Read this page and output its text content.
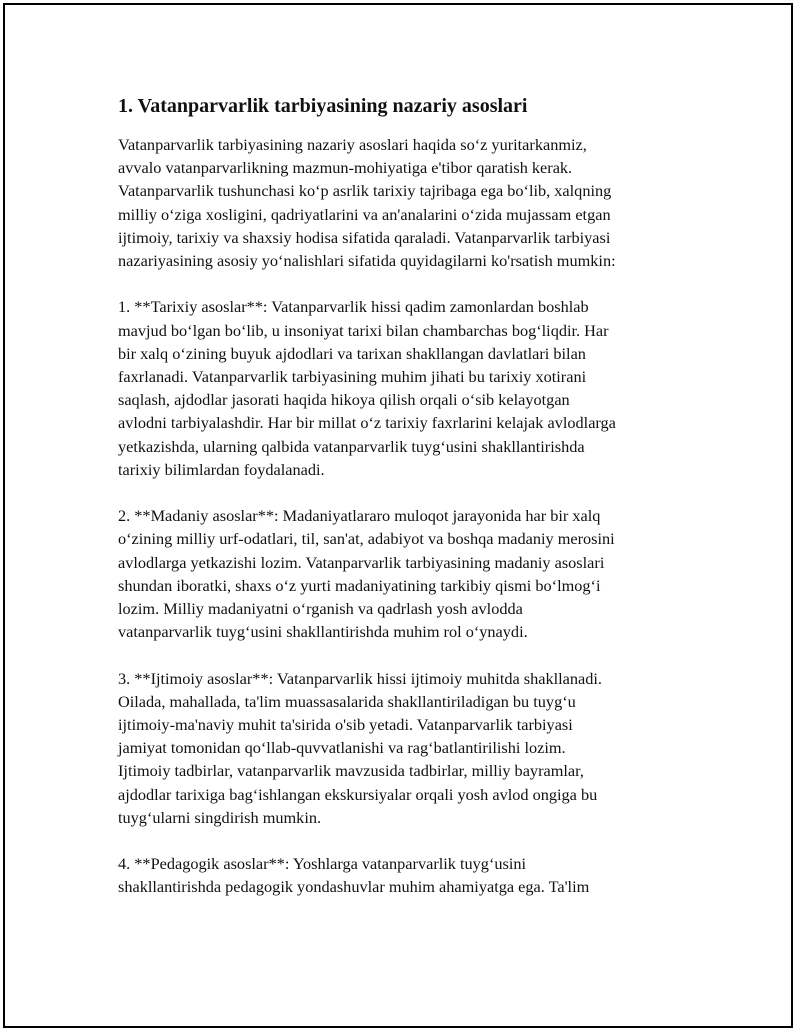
1. Vatanparvarlik tarbiyasining nazariy asoslari

Vatanparvarlik tarbiyasining nazariy asoslari haqida so‘z yuritarkanmiz,
avvalo vatanparvarlikning mazmun-mohiyatiga e'tibor qaratish kerak.
Vatanparvarlik tushunchasi ko‘p asrlik tarixiy tajribaga ega bo‘lib, xalqning
milliy o‘ziga xosligini, qadriyatlarini va an'analarini o‘zida mujassam etgan
ijtimoiy, tarixiy va shaxsiy hodisa sifatida qaraladi. Vatanparvarlik tarbiyasi
nazariyasining asosiy yo‘nalishlari sifatida quyidagilarni ko'rsatish mumkin:

1. **Tarixiy asoslar**: Vatanparvarlik hissi qadim zamonlardan boshlab
mavjud bo‘lgan bo‘lib, u insoniyat tarixi bilan chambarchas bog‘liqdir. Har
bir xalq o‘zining buyuk ajdodlari va tarixan shakllangan davlatlari bilan
faxrlanadi. Vatanparvarlik tarbiyasining muhim jihati bu tarixiy xotirani
saqlash, ajdodlar jasorati haqida hikoya qilish orqali o‘sib kelayotgan
avlodni tarbiyalashdir. Har bir millat o‘z tarixiy faxrlarini kelajak avlodlarga
yetkazishda, ularning qalbida vatanparvarlik tuyg‘usini shakllantirishda
tarixiy bilimlardan foydalanadi.

2. **Madaniy asoslar**: Madaniyatlararo muloqot jarayonida har bir xalq
o‘zining milliy urf-odatlari, til, san'at, adabiyot va boshqa madaniy merosini
avlodlarga yetkazishi lozim. Vatanparvarlik tarbiyasining madaniy asoslari
shundan iboratki, shaxs o‘z yurti madaniyatining tarkibiy qismi bo‘lmog‘i
lozim. Milliy madaniyatni o‘rganish va qadrlash yosh avlodda
vatanparvarlik tuyg‘usini shakllantirishda muhim rol o‘ynaydi.

3. **Ijtimoiy asoslar**: Vatanparvarlik hissi ijtimoiy muhitda shakllanadi.
Oilada, mahallada, ta'lim muassasalarida shakllantiriladigan bu tuyg‘u
ijtimoiy-ma'naviy muhit ta'sirida o'sib yetadi. Vatanparvarlik tarbiyasi
jamiyat tomonidan qo‘llab-quvvatlanishi va rag‘batlantirilishi lozim.
Ijtimoiy tadbirlar, vatanparvarlik mavzusida tadbirlar, milliy bayramlar,
ajdodlar tarixiga bag‘ishlangan ekskursiyalar orqali yosh avlod ongiga bu
tuyg‘ularni singdirish mumkin.

4. **Pedagogik asoslar**: Yoshlarga vatanparvarlik tuyg‘usini
shakllantirishda pedagogik yondashuvlar muhim ahamiyatga ega. Ta'lim
